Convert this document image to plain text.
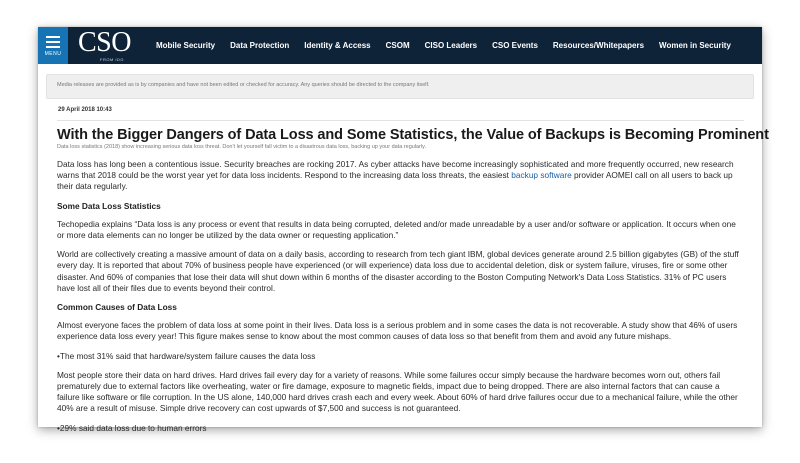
MENU CSO
FROM IDG
Mobile Security Data Protection Identity & Access CSOM CISO Leaders CSO Events Resources/Whitepapers Women in Security
Media releases are provided as is by companies and have not been edited or checked for accuracy. Any queries should be directed to the company itself.
29 April 2018 10:43
With the Bigger Dangers of Data Loss and Some Statistics, the Value of Backups is Becoming Prominent
Data loss statistics (2018) show increasing serious data loss threat. Don't let yourself fall victim to a disastrous data loss, backing up your data regularly.

Data loss has long been a contentious issue. Security breaches are rocking 2017. As cyber attacks have become increasingly sophisticated and more frequently occurred, new research warns that 2018 could be the worst year yet for data loss incidents. Respond to the increasing data loss threats, the easiest backup software provider AOMEI call on all users to back up their data regularly.

Some Data Loss Statistics

Techopedia explains “Data loss is any process or event that results in data being corrupted, deleted and/or made unreadable by a user and/or software or application. It occurs when one or more data elements can no longer be utilized by the data owner or requesting application.”

World are collectively creating a massive amount of data on a daily basis, according to research from tech giant IBM, global devices generate around 2.5 billion gigabytes (GB) of the stuff every day. It is reported that about 70% of business people have experienced (or will experience) data loss due to accidental deletion, disk or system failure, viruses, fire or some other disaster. And 60% of companies that lose their data will shut down within 6 months of the disaster according to the Boston Computing Network's Data Loss Statistics. 31% of PC users have lost all of their files due to events beyond their control.

Common Causes of Data Loss

Almost everyone faces the problem of data loss at some point in their lives. Data loss is a serious problem and in some cases the data is not recoverable. A study show that 46% of users experience data loss every year! This figure makes sense to know about the most common causes of data loss so that benefit from them and avoid any future mishaps.

•The most 31% said that hardware/system failure causes the data loss

Most people store their data on hard drives. Hard drives fail every day for a variety of reasons. While some failures occur simply because the hardware becomes worn out, others fail prematurely due to external factors like overheating, water or fire damage, exposure to magnetic fields, impact due to being dropped. There are also internal factors that can cause a failure like software or file corruption. In the US alone, 140,000 hard drives crash each and every week. About 60% of hard drive failures occur due to a mechanical failure, while the other 40% are a result of misuse. Simple drive recovery can cost upwards of $7,500 and success is not guaranteed.

•29% said data loss due to human errors
